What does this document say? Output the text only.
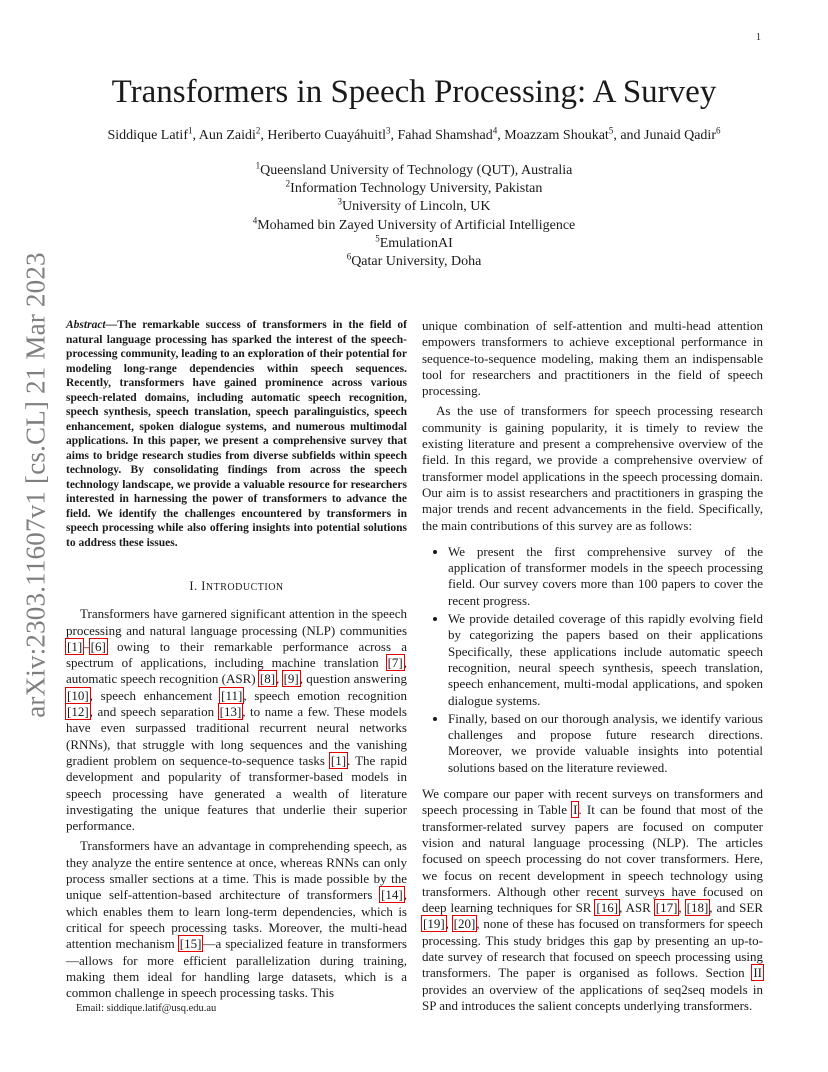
1
arXiv:2303.11607v1 [cs.CL] 21 Mar 2023
Transformers in Speech Processing: A Survey
Siddique Latif$^1$, Aun Zaidi$^2$, Heriberto Cuayáhuitl$^3$, Fahad Shamshad$^4$, Moazzam Shoukat$^5$, and Junaid Qadir$^6$
$^1$Queensland University of Technology (QUT), Australia
$^2$Information Technology University, Pakistan
$^3$University of Lincoln, UK
$^4$Mohamed bin Zayed University of Artificial Intelligence
$^5$EmulationAI
$^6$Qatar University, Doha

Abstract—The remarkable success of transformers in the field of natural language processing has sparked the interest of the speech-processing community, leading to an exploration of their potential for modeling long-range dependencies within speech sequences. Recently, transformers have gained prominence across various speech-related domains, including automatic speech recognition, speech synthesis, speech translation, speech paralinguistics, speech enhancement, spoken dialogue systems, and numerous multimodal applications. In this paper, we present a comprehensive survey that aims to bridge research studies from diverse subfields within speech technology. By consolidating findings from across the speech technology landscape, we provide a valuable resource for researchers interested in harnessing the power of transformers to advance the field. We identify the challenges encountered by transformers in speech processing while also offering insights into potential solutions to address these issues.

I. INTRODUCTION

Transformers have garnered significant attention in the speech processing and natural language processing (NLP) communities [1]–[6] owing to their remarkable performance across a spectrum of applications, including machine translation [7], automatic speech recognition (ASR) [8], [9], question answering [10], speech enhancement [11], speech emotion recognition [12], and speech separation [13], to name a few. These models have even surpassed traditional recurrent neural networks (RNNs), that struggle with long sequences and the vanishing gradient problem on sequence-to-sequence tasks [1]. The rapid development and popularity of transformer-based models in speech processing have generated a wealth of literature investigating the unique features that underlie their superior performance.

Transformers have an advantage in comprehending speech, as they analyze the entire sentence at once, whereas RNNs can only process smaller sections at a time. This is made possible by the unique self-attention-based architecture of transformers [14], which enables them to learn long-term dependencies, which is critical for speech processing tasks. Moreover, the multi-head attention mechanism [15]—a specialized feature in transformers—allows for more efficient parallelization during training, making them ideal for handling large datasets, which is a common challenge in speech processing tasks. This

unique combination of self-attention and multi-head attention empowers transformers to achieve exceptional performance in sequence-to-sequence modeling, making them an indispensable tool for researchers and practitioners in the field of speech processing.

As the use of transformers for speech processing research community is gaining popularity, it is timely to review the existing literature and present a comprehensive overview of the field. In this regard, we provide a comprehensive overview of transformer model applications in the speech processing domain. Our aim is to assist researchers and practitioners in grasping the major trends and recent advancements in the field. Specifically, the main contributions of this survey are as follows:

• We present the first comprehensive survey of the application of transformer models in the speech processing field. Our survey covers more than 100 papers to cover the recent progress.
• We provide detailed coverage of this rapidly evolving field by categorizing the papers based on their applications Specifically, these applications include automatic speech recognition, neural speech synthesis, speech translation, speech enhancement, multi-modal applications, and spoken dialogue systems.
• Finally, based on our thorough analysis, we identify various challenges and propose future research directions. Moreover, we provide valuable insights into potential solutions based on the literature reviewed.

We compare our paper with recent surveys on transformers and speech processing in Table I. It can be found that most of the transformer-related survey papers are focused on computer vision and natural language processing (NLP). The articles focused on speech processing do not cover transformers. Here, we focus on recent development in speech technology using transformers. Although other recent surveys have focused on deep learning techniques for SR [16], ASR [17], [18], and SER [19], [20], none of these has focused on transformers for speech processing. This study bridges this gap by presenting an up-to-date survey of research that focused on speech processing using transformers. The paper is organised as follows. Section II provides an overview of the applications of seq2seq models in SP and introduces the salient concepts underlying transformers.

Email: siddique.latif@usq.edu.au
